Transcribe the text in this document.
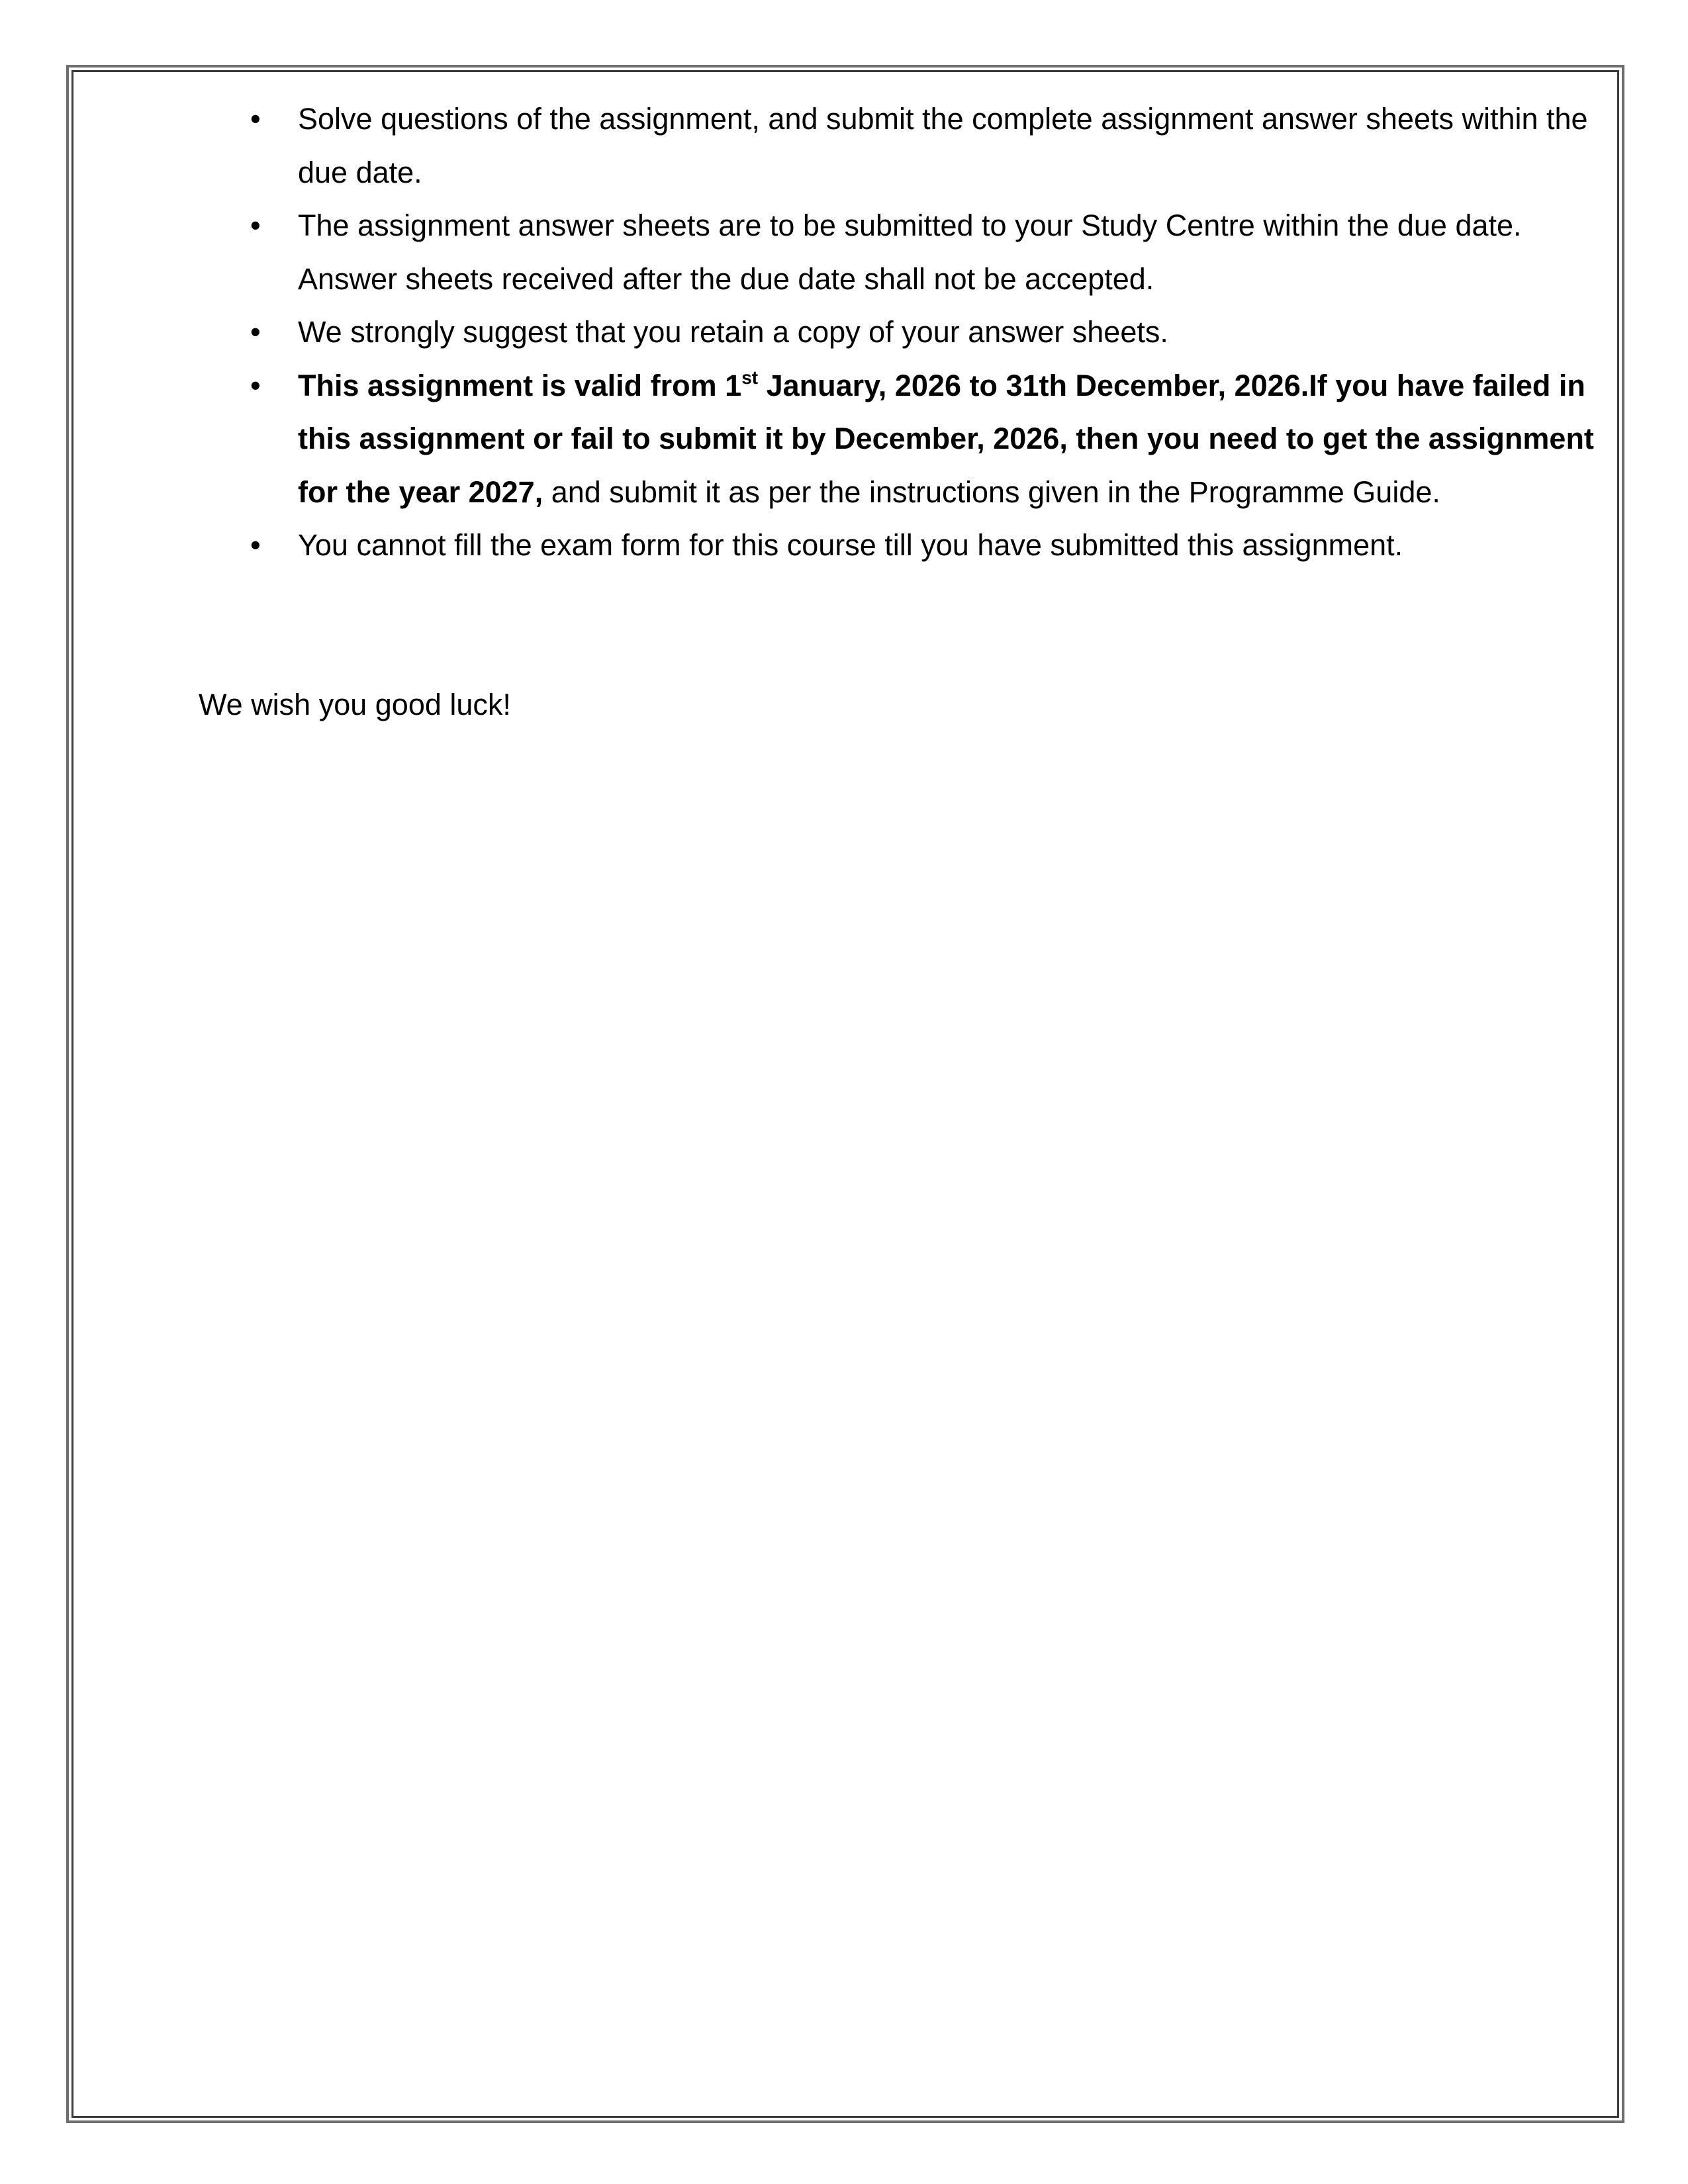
• Solve questions of the assignment, and submit the complete assignment answer sheets within the due date.
• The assignment answer sheets are to be submitted to your Study Centre within the due date. Answer sheets received after the due date shall not be accepted.
• We strongly suggest that you retain a copy of your answer sheets.
• This assignment is valid from 1st January, 2026 to 31th December, 2026.If you have failed in this assignment or fail to submit it by December, 2026, then you need to get the assignment for the year 2027, and submit it as per the instructions given in the Programme Guide.
• You cannot fill the exam form for this course till you have submitted this assignment.
We wish you good luck!
